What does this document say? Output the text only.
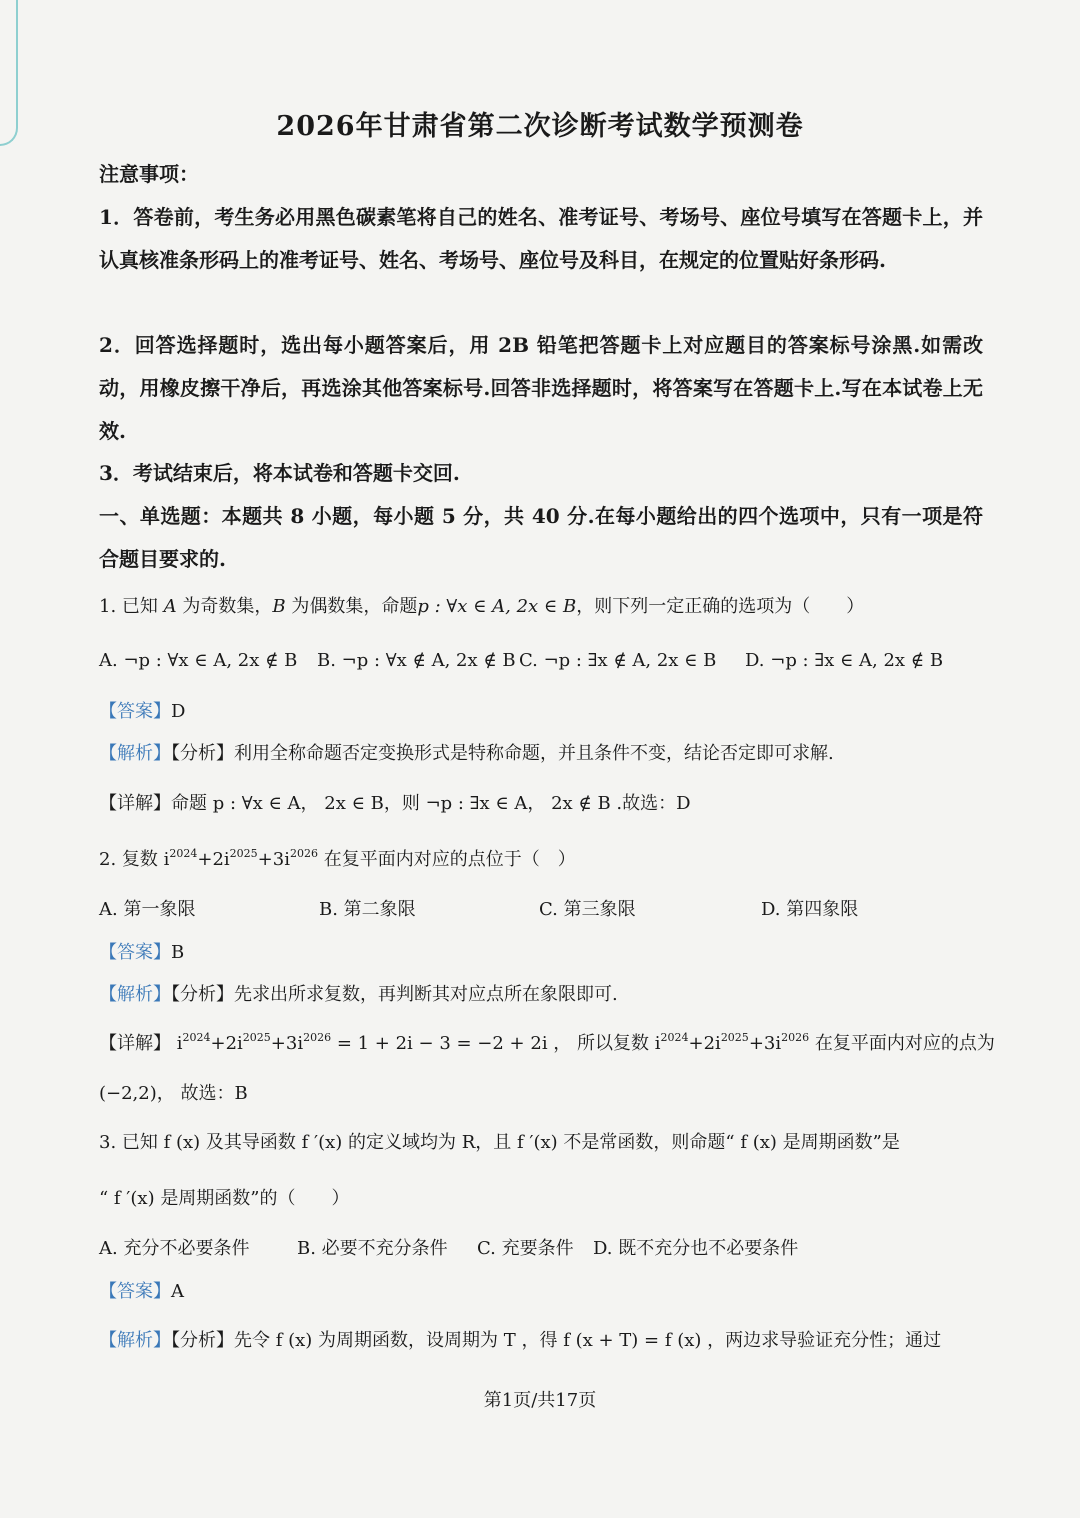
2026年甘肃省第二次诊断考试数学预测卷
注意事项：
1．答卷前，考生务必用黑色碳素笔将自己的姓名、准考证号、考场号、座位号填写在答题卡上，并认真核准条形码上的准考证号、姓名、考场号、座位号及科目，在规定的位置贴好条形码.
2．回答选择题时，选出每小题答案后，用 2B 铅笔把答题卡上对应题目的答案标号涂黑.如需改动，用橡皮擦干净后，再选涂其他答案标号.回答非选择题时，将答案写在答题卡上.写在本试卷上无效.
3．考试结束后，将本试卷和答题卡交回.
一、单选题：本题共 8 小题，每小题 5 分，共 40 分.在每小题给出的四个选项中，只有一项是符合题目要求的.
1. 已知 A 为奇数集，B 为偶数集，命题p : ∀x ∈ A, 2x ∈ B，则下列一定正确的选项为（　　）
A. ¬p : ∀x ∈ A, 2x ∉ B B. ¬p : ∀x ∉ A, 2x ∉ B C. ¬p : ∃x ∉ A, 2x ∈ B D. ¬p : ∃x ∈ A, 2x ∉ B
【答案】D
【解析】【分析】利用全称命题否定变换形式是特称命题，并且条件不变，结论否定即可求解.
【详解】命题 p : ∀x ∈ A， 2x ∈ B，则 ¬p : ∃x ∈ A， 2x ∉ B .故选：D
2. 复数 $i^{2024}+2i^{2025}+3i^{2026}$ 在复平面内对应的点位于（　）
A. 第一象限	B. 第二象限	C. 第三象限	D. 第四象限
【答案】B
【解析】【分析】先求出所求复数，再判断其对应点所在象限即可.
【详解】 $i^{2024}+2i^{2025}+3i^{2026} = 1 + 2i - 3 = -2 + 2i$ ， 所以复数 $i^{2024}+2i^{2025}+3i^{2026}$ 在复平面内对应的点为
(−2,2)， 故选：B
3. 已知 f (x) 及其导函数 f ′(x) 的定义域均为 R，且 f ′(x) 不是常函数，则命题“ f (x) 是周期函数”是
“ f ′(x) 是周期函数”的（　　）
A. 充分不必要条件	B. 必要不充分条件 C. 充要条件 D. 既不充分也不必要条件
【答案】A
【解析】【分析】先令 f (x) 为周期函数，设周期为 T ，得 f (x + T) = f (x) ，两边求导验证充分性；通过
第1页/共17页
